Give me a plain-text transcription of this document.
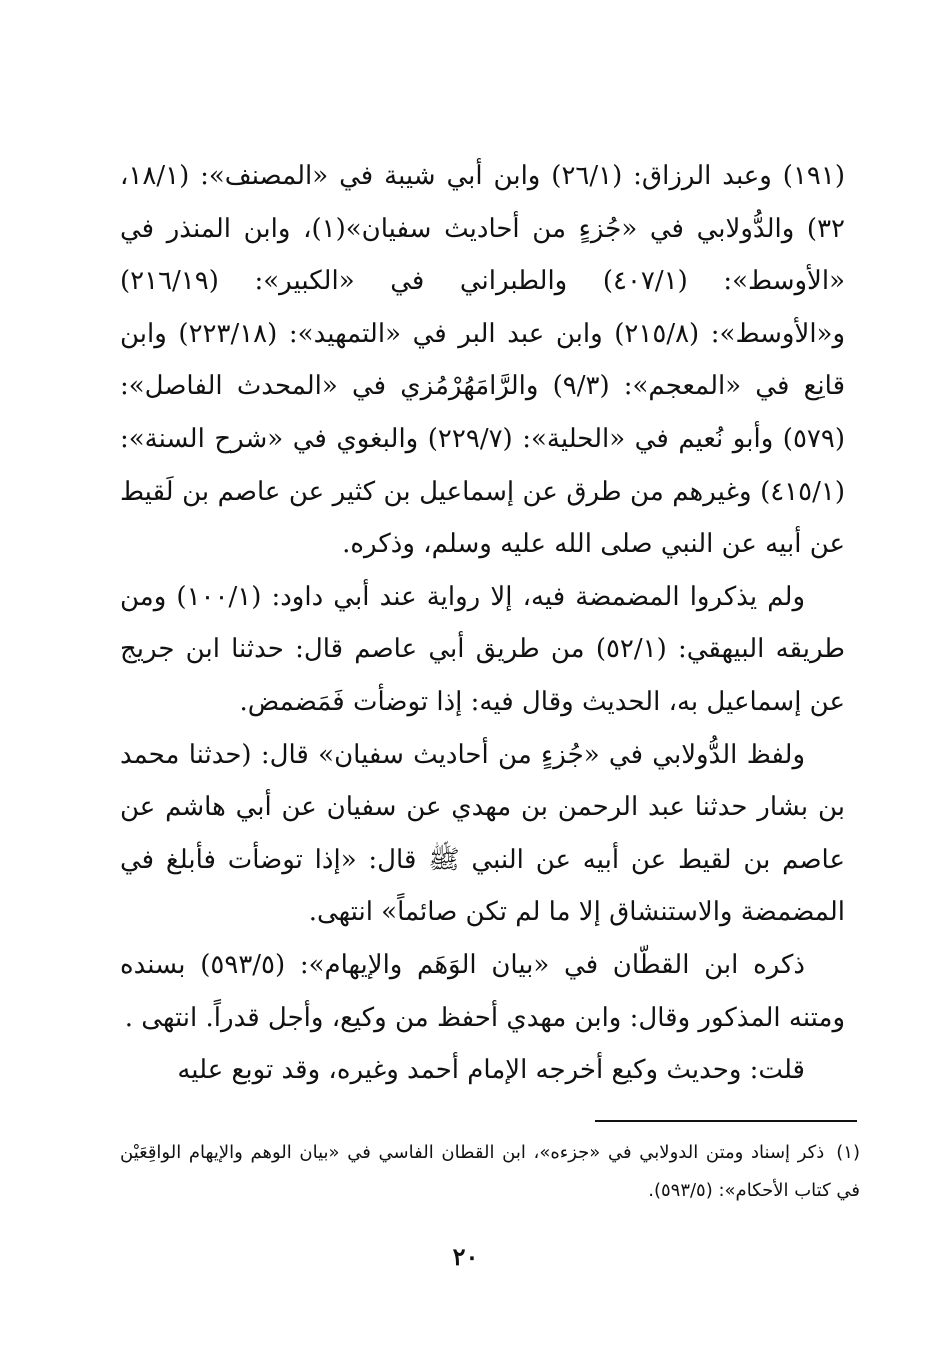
(١٩١) وعبد الرزاق: (٢٦/١) وابن أبي شيبة في «المصنف»: (١٨/١، ٣٢) والدُّولابي في «جُزءٍ من أحاديث سفيان»(١)، وابن المنذر في «الأوسط»: (٤٠٧/١) والطبراني في «الكبير»: (٢١٦/١٩) و«الأوسط»: (٢١٥/٨) وابن عبد البر في «التمهيد»: (٢٢٣/١٨) وابن قانِع في «المعجم»: (٩/٣) والرَّامَهُرْمُزي في «المحدث الفاصل»: (٥٧٩) وأبو نُعيم في «الحلية»: (٢٢٩/٧) والبغوي في «شرح السنة»: (٤١٥/١) وغيرهم من طرق عن إسماعيل بن كثير عن عاصم بن لَقيط عن أبيه عن النبي صلى الله عليه وسلم، وذكره.

ولم يذكروا المضمضة فيه، إلا رواية عند أبي داود: (١٠٠/١) ومن طريقه البيهقي: (٥٢/١) من طريق أبي عاصم قال: حدثنا ابن جريج عن إسماعيل به، الحديث وقال فيه: إذا توضأت فَمَضمض.

ولفظ الدُّولابي في «جُزءٍ من أحاديث سفيان» قال: (حدثنا محمد بن بشار حدثنا عبد الرحمن بن مهدي عن سفيان عن أبي هاشم عن عاصم بن لقيط عن أبيه عن النبي ﷺ قال: «إذا توضأت فأبلغ في المضمضة والاستنشاق إلا ما لم تكن صائماً» انتهى.

ذكره ابن القطّان في «بيان الوَهَم والإيهام»: (٥٩٣/٥) بسنده ومتنه المذكور وقال: وابن مهدي أحفظ من وكيع، وأجل قدراً. انتهى .

قلت: وحديث وكيع أخرجه الإمام أحمد وغيره، وقد توبع عليه

(١)ذكر إسناد ومتن الدولابي في «جزءه»، ابن القطان الفاسي في «بيان الوهم والإيهام الواقِعَيْن في كتاب الأحكام»: (٥٩٣/٥).
٢٠
